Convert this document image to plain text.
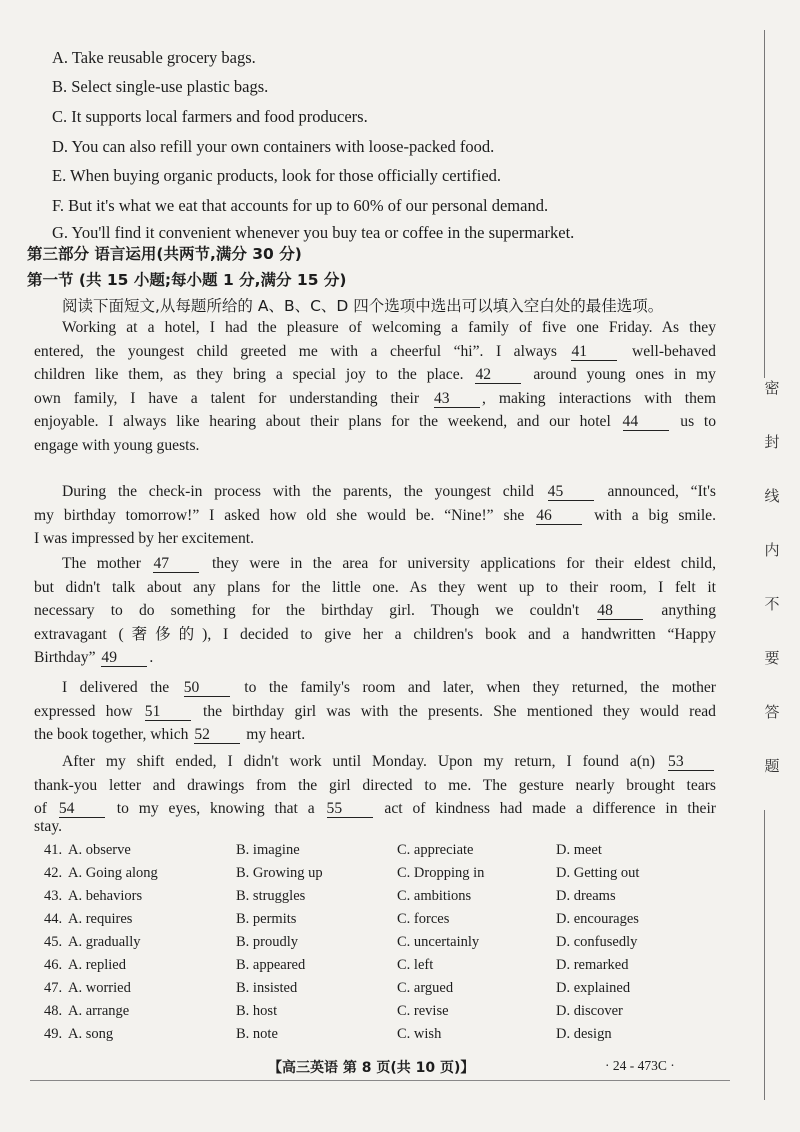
A. Take reusable grocery bags.
B. Select single-use plastic bags.
C. It supports local farmers and food producers.
D. You can also refill your own containers with loose-packed food.
E. When buying organic products, look for those officially certified.
F. But it's what we eat that accounts for up to 60% of our personal demand.
G. You'll find it convenient whenever you buy tea or coffee in the supermarket.
第三部分 语言运用(共两节,满分 30 分)
第一节 (共 15 小题;每小题 1 分,满分 15 分)
阅读下面短文,从每题所给的 A、B、C、D 四个选项中选出可以填入空白处的最佳选项。
Working at a hotel, I had the pleasure of welcoming a family of five one Friday. As they
entered, the youngest child greeted me with a cheerful “hi”. I always 41	well-behaved
children like them, as they bring a special joy to the place. 42	around young ones in my
own family, I have a talent for understanding their 43 , making interactions with them
enjoyable. I always like hearing about their plans for the weekend, and our hotel 44	us to
engage with young guests.
During the check-in process with the parents, the youngest child 45	announced, “It's
my birthday tomorrow!” I asked how old she would be. “Nine!” she 46	with a big smile.
I was impressed by her excitement.
The mother 47	they were in the area for university applications for their eldest child,
but didn't talk about any plans for the little one. As they went up to their room, I felt it
necessary to do something for the birthday girl. Though we couldn't 48	anything
extravagant (奢侈的), I decided to give her a children's book and a handwritten “Happy
Birthday” 49 .
I delivered the 50	to the family's room and later, when they returned, the mother
expressed how 51	the birthday girl was with the presents. She mentioned they would read
the book together, which 52 my heart.
After my shift ended, I didn't work until Monday. Upon my return, I found a(n) 53
thank-you letter and drawings from the girl directed to me. The gesture nearly brought tears
of 54	to my eyes, knowing that a 55	act of kindness had made a difference in their
stay.
41. A. observe	B. imagine	C. appreciate	D. meet
42. A. Going along	B. Growing up	C. Dropping in	D. Getting out
43. A. behaviors	B. struggles	C. ambitions	D. dreams
44. A. requires	B. permits	C. forces	D. encourages
45. A. gradually	B. proudly	C. uncertainly	D. confusedly
46. A. replied	B. appeared	C. left	D. remarked
47. A. worried	B. insisted	C. argued	D. explained
48. A. arrange	B. host	C. revise	D. discover
49. A. song	B. note	C. wish	D. design
密
封
线
内
不
要
答
题
【高三英语 第 8 页(共 10 页)】	· 24 - 473C ·
